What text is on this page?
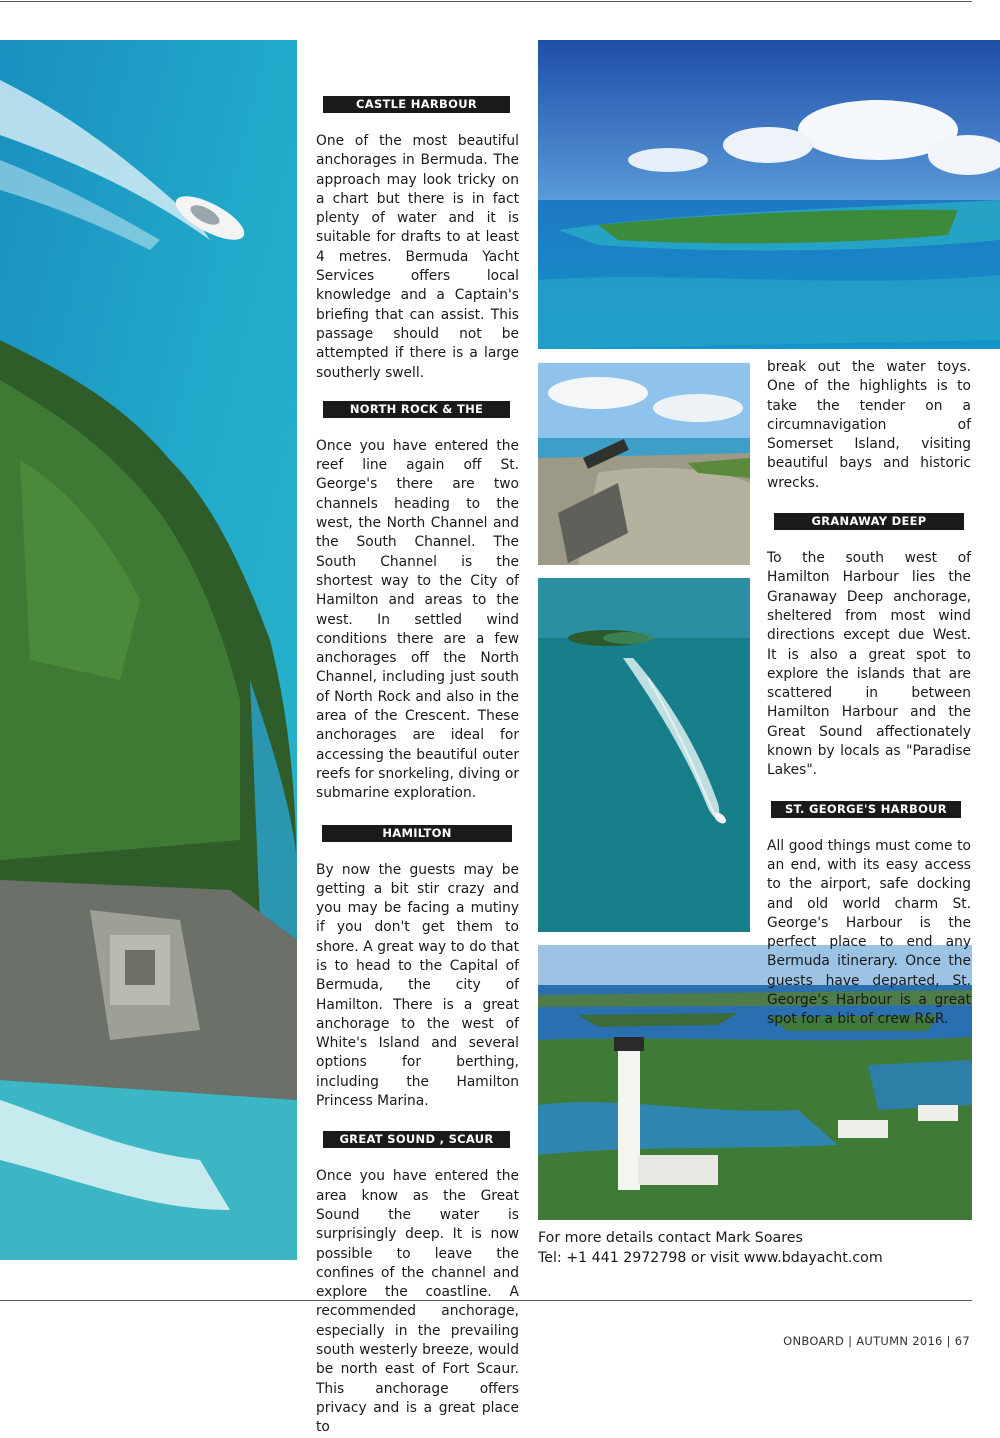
CASTLE HARBOUR

One of the most beautiful anchorages in Bermuda. The approach may look tricky on a chart but there is in fact plenty of water and it is suitable for drafts to at least 4 metres. Bermuda Yacht Services offers local knowledge and a Captain's briefing that can assist. This passage should not be attempted if there is a large southerly swell.

NORTH ROCK & THE CRESCENT

Once you have entered the reef line again off St. George's there are two channels heading to the west, the North Channel and the South Channel. The South Channel is the shortest way to the City of Hamilton and areas to the west. In settled wind conditions there are a few anchorages off the North Channel, including just south of North Rock and also in the area of the Crescent. These anchorages are ideal for accessing the beautiful outer reefs for snorkeling, diving or submarine exploration.

HAMILTON

By now the guests may be getting a bit stir crazy and you may be facing a mutiny if you don't get them to shore. A great way to do that is to head to the Capital of Bermuda, the city of Hamilton. There is a great anchorage to the west of White's Island and several options for berthing, including the Hamilton Princess Marina.

GREAT SOUND , SCAUR HILL

Once you have entered the area know as the Great Sound the water is surprisingly deep. It is now possible to leave the confines of the channel and explore the coastline. A recommended anchorage, especially in the prevailing south westerly breeze, would be north east of Fort Scaur. This anchorage offers privacy and is a great place to

break out the water toys. One of the highlights is to take the tender on a circumnavigation of Somerset Island, visiting beautiful bays and historic wrecks.

GRANAWAY DEEP

To the south west of Hamilton Harbour lies the Granaway Deep anchorage, sheltered from most wind directions except due West. It is also a great spot to explore the islands that are scattered in between Hamilton Harbour and the Great Sound affectionately known by locals as "Paradise Lakes".

ST. GEORGE'S HARBOUR

All good things must come to an end, with its easy access to the airport, safe docking and old world charm St. George's Harbour is the perfect place to end any Bermuda itinerary. Once the guests have departed, St. George's Harbour is a great spot for a bit of crew R&R.

For more details contact Mark Soares
Tel: +1 441 2972798 or visit www.bdayacht.com
ONBOARD | AUTUMN 2016 | 67
